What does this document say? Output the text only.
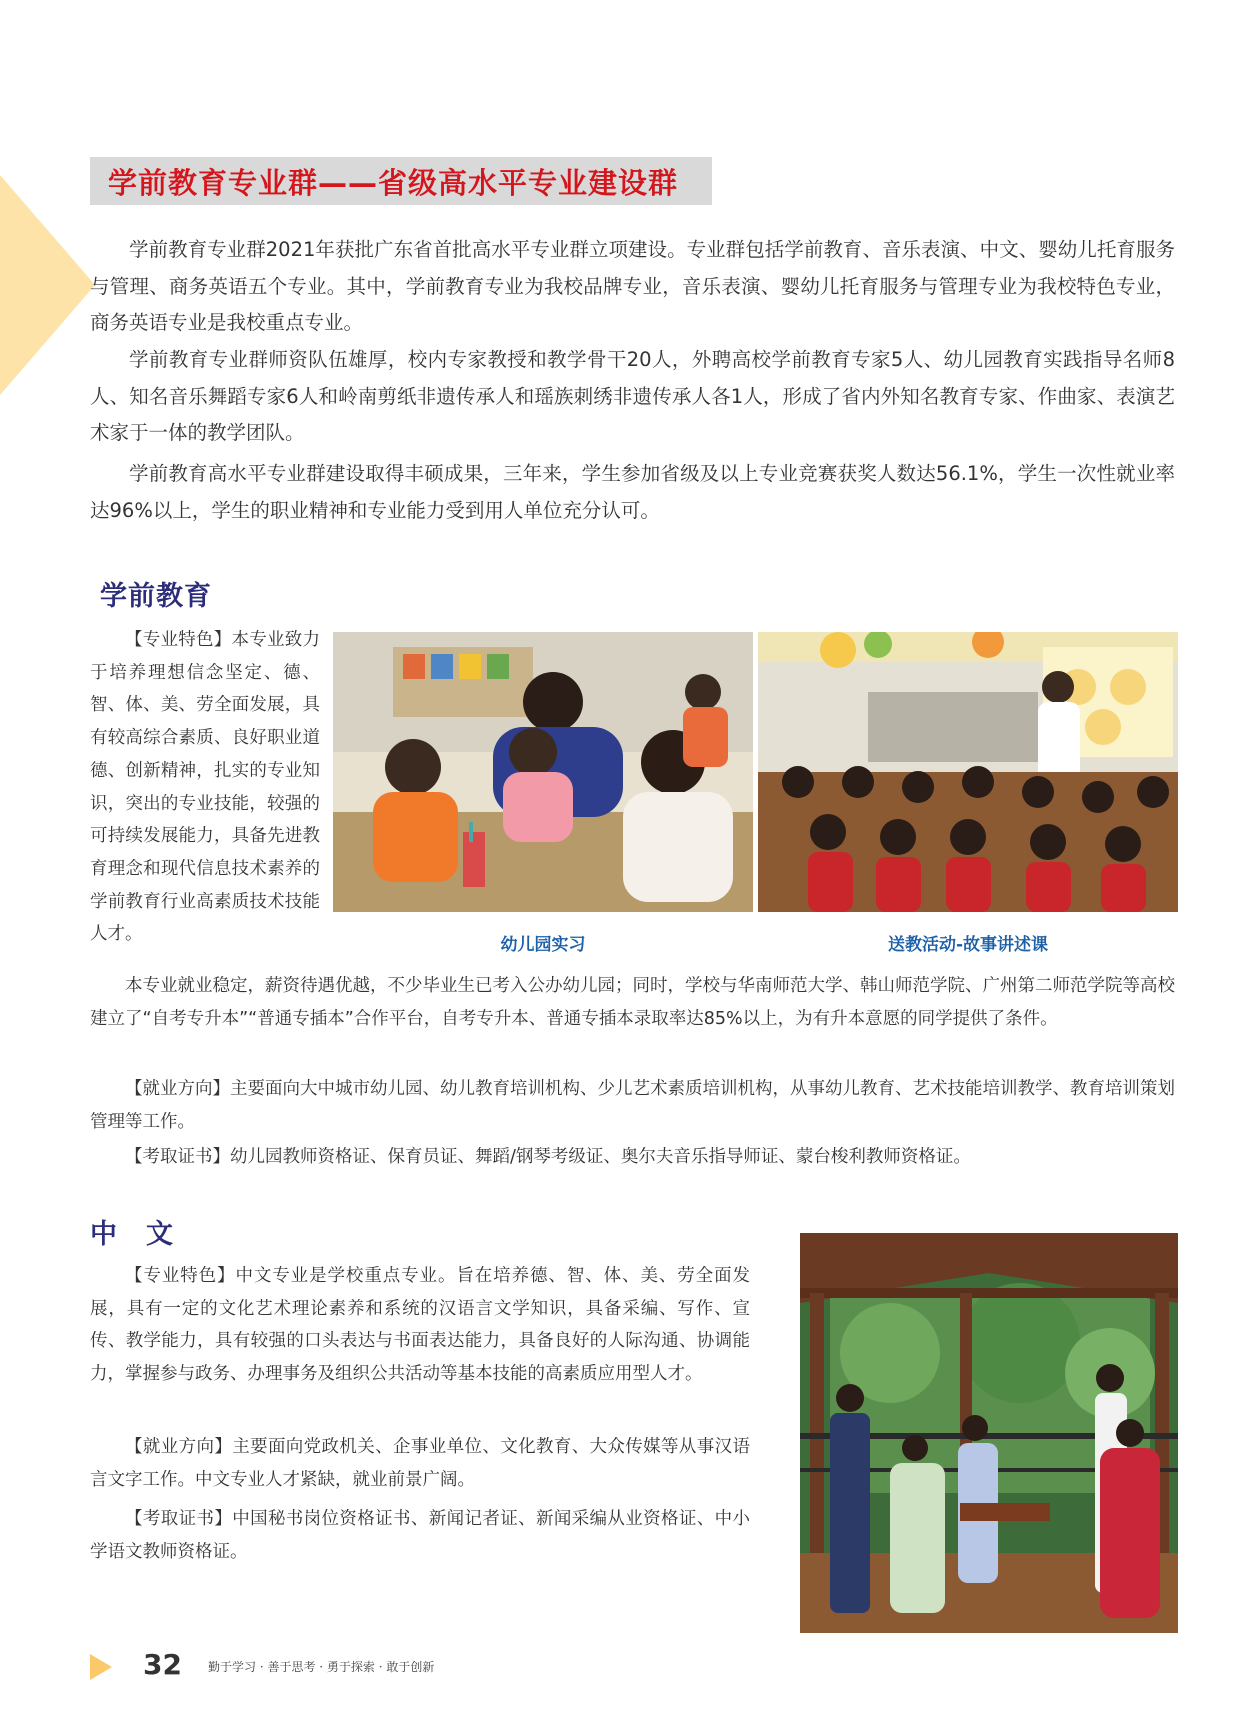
学前教育专业群——省级高水平专业建设群

学前教育专业群2021年获批广东省首批高水平专业群立项建设。专业群包括学前教育、音乐表演、中文、婴幼儿托育服务与管理、商务英语五个专业。其中，学前教育专业为我校品牌专业，音乐表演、婴幼儿托育服务与管理专业为我校特色专业，商务英语专业是我校重点专业。

学前教育专业群师资队伍雄厚，校内专家教授和教学骨干20人，外聘高校学前教育专家5人、幼儿园教育实践指导名师8人、知名音乐舞蹈专家6人和岭南剪纸非遗传承人和瑶族刺绣非遗传承人各1人，形成了省内外知名教育专家、作曲家、表演艺术家于一体的教学团队。

学前教育高水平专业群建设取得丰硕成果，三年来，学生参加省级及以上专业竞赛获奖人数达56.1%，学生一次性就业率达96%以上，学生的职业精神和专业能力受到用人单位充分认可。

学前教育

【专业特色】本专业致力于培养理想信念坚定、德、智、体、美、劳全面发展，具有较高综合素质、良好职业道德、创新精神，扎实的专业知识，突出的专业技能，较强的可持续发展能力，具备先进教育理念和现代信息技术素养的学前教育行业高素质技术技能人才。

幼儿园实习	送教活动-故事讲述课

本专业就业稳定，薪资待遇优越，不少毕业生已考入公办幼儿园；同时，学校与华南师范大学、韩山师范学院、广州第二师范学院等高校建立了“自考专升本”“普通专插本”合作平台，自考专升本、普通专插本录取率达85%以上，为有升本意愿的同学提供了条件。

【就业方向】主要面向大中城市幼儿园、幼儿教育培训机构、少儿艺术素质培训机构，从事幼儿教育、艺术技能培训教学、教育培训策划管理等工作。

【考取证书】幼儿园教师资格证、保育员证、舞蹈/钢琴考级证、奥尔夫音乐指导师证、蒙台梭利教师资格证。

中　文

【专业特色】中文专业是学校重点专业。旨在培养德、智、体、美、劳全面发展，具有一定的文化艺术理论素养和系统的汉语言文学知识，具备采编、写作、宣传、教学能力，具有较强的口头表达与书面表达能力，具备良好的人际沟通、协调能力，掌握参与政务、办理事务及组织公共活动等基本技能的高素质应用型人才。

【就业方向】主要面向党政机关、企事业单位、文化教育、大众传媒等从事汉语言文字工作。中文专业人才紧缺，就业前景广阔。

【考取证书】中国秘书岗位资格证书、新闻记者证、新闻采编从业资格证、中小学语文教师资格证。

32 勤于学习 · 善于思考 · 勇于探索 · 敢于创新
